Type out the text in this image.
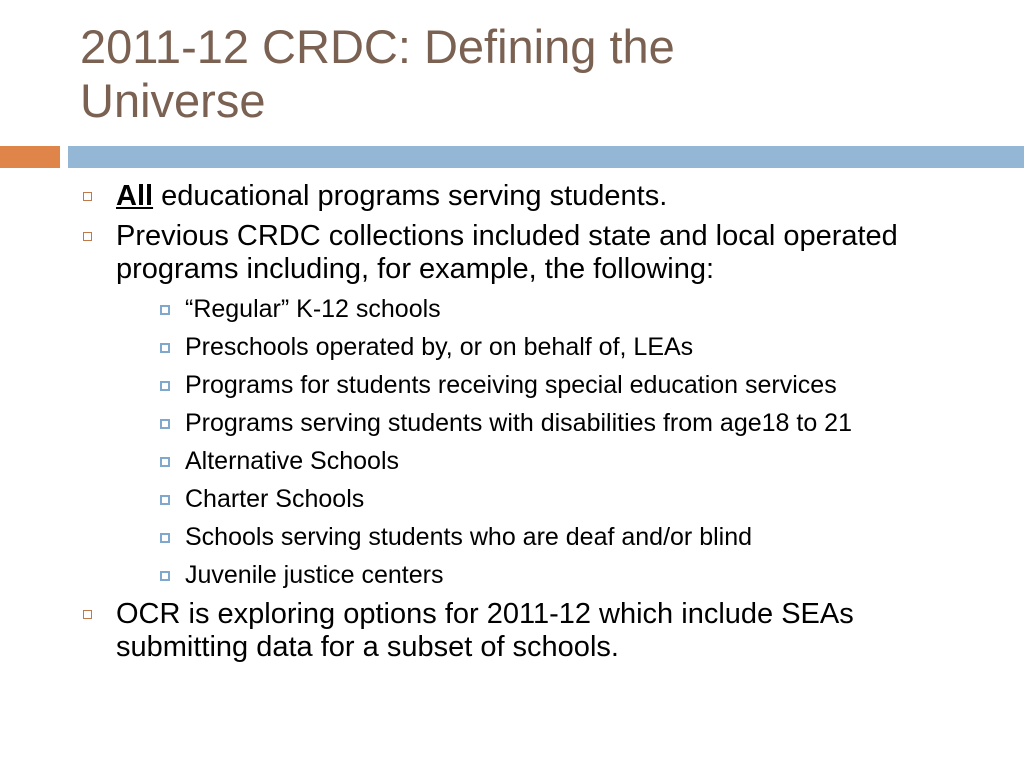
2011-12 CRDC: Defining the
Universe
All educational programs serving students.
Previous CRDC collections included state and local operated programs including, for example, the following:
“Regular” K-12 schools
Preschools operated by, or on behalf of, LEAs
Programs for students receiving special education services
Programs serving students with disabilities from age18 to 21
Alternative Schools
Charter Schools
Schools serving students who are deaf and/or blind
Juvenile justice centers
OCR is exploring options for 2011-12 which include SEAs submitting data for a subset of schools.
